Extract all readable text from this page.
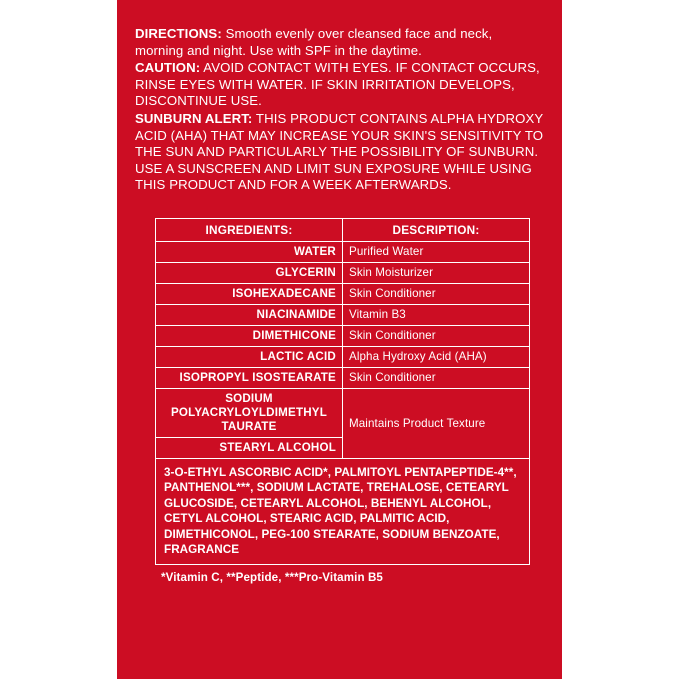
DIRECTIONS: Smooth evenly over cleansed face and neck, morning and night. Use with SPF in the daytime.

CAUTION: AVOID CONTACT WITH EYES. IF CONTACT OCCURS, RINSE EYES WITH WATER. IF SKIN IRRITATION DEVELOPS, DISCONTINUE USE.

SUNBURN ALERT: THIS PRODUCT CONTAINS ALPHA HYDROXY ACID (AHA) THAT MAY INCREASE YOUR SKIN'S SENSITIVITY TO THE SUN AND PARTICULARLY THE POSSIBILITY OF SUNBURN. USE A SUNSCREEN AND LIMIT SUN EXPOSURE WHILE USING THIS PRODUCT AND FOR A WEEK AFTERWARDS.

INGREDIENTS:	DESCRIPTION:
WATER	Purified Water
GLYCERIN	Skin Moisturizer
ISOHEXADECANE	Skin Conditioner
NIACINAMIDE	Vitamin B3
DIMETHICONE	Skin Conditioner
LACTIC ACID	Alpha Hydroxy Acid (AHA)
ISOPROPYL ISOSTEARATE	Skin Conditioner
SODIUM POLYACRYLOYLDIMETHYL TAURATE	Maintains Product Texture
STEARYL ALCOHOL	
3-O-ETHYL ASCORBIC ACID*, PALMITOYL PENTAPEPTIDE-4**, PANTHENOL***, SODIUM LACTATE, TREHALOSE, CETEARYL GLUCOSIDE, CETEARYL ALCOHOL, BEHENYL ALCOHOL, CETYL ALCOHOL, STEARIC ACID, PALMITIC ACID, DIMETHICONOL, PEG-100 STEARATE, SODIUM BENZOATE, FRAGRANCE
*Vitamin C, **Peptide, ***Pro-Vitamin B5
